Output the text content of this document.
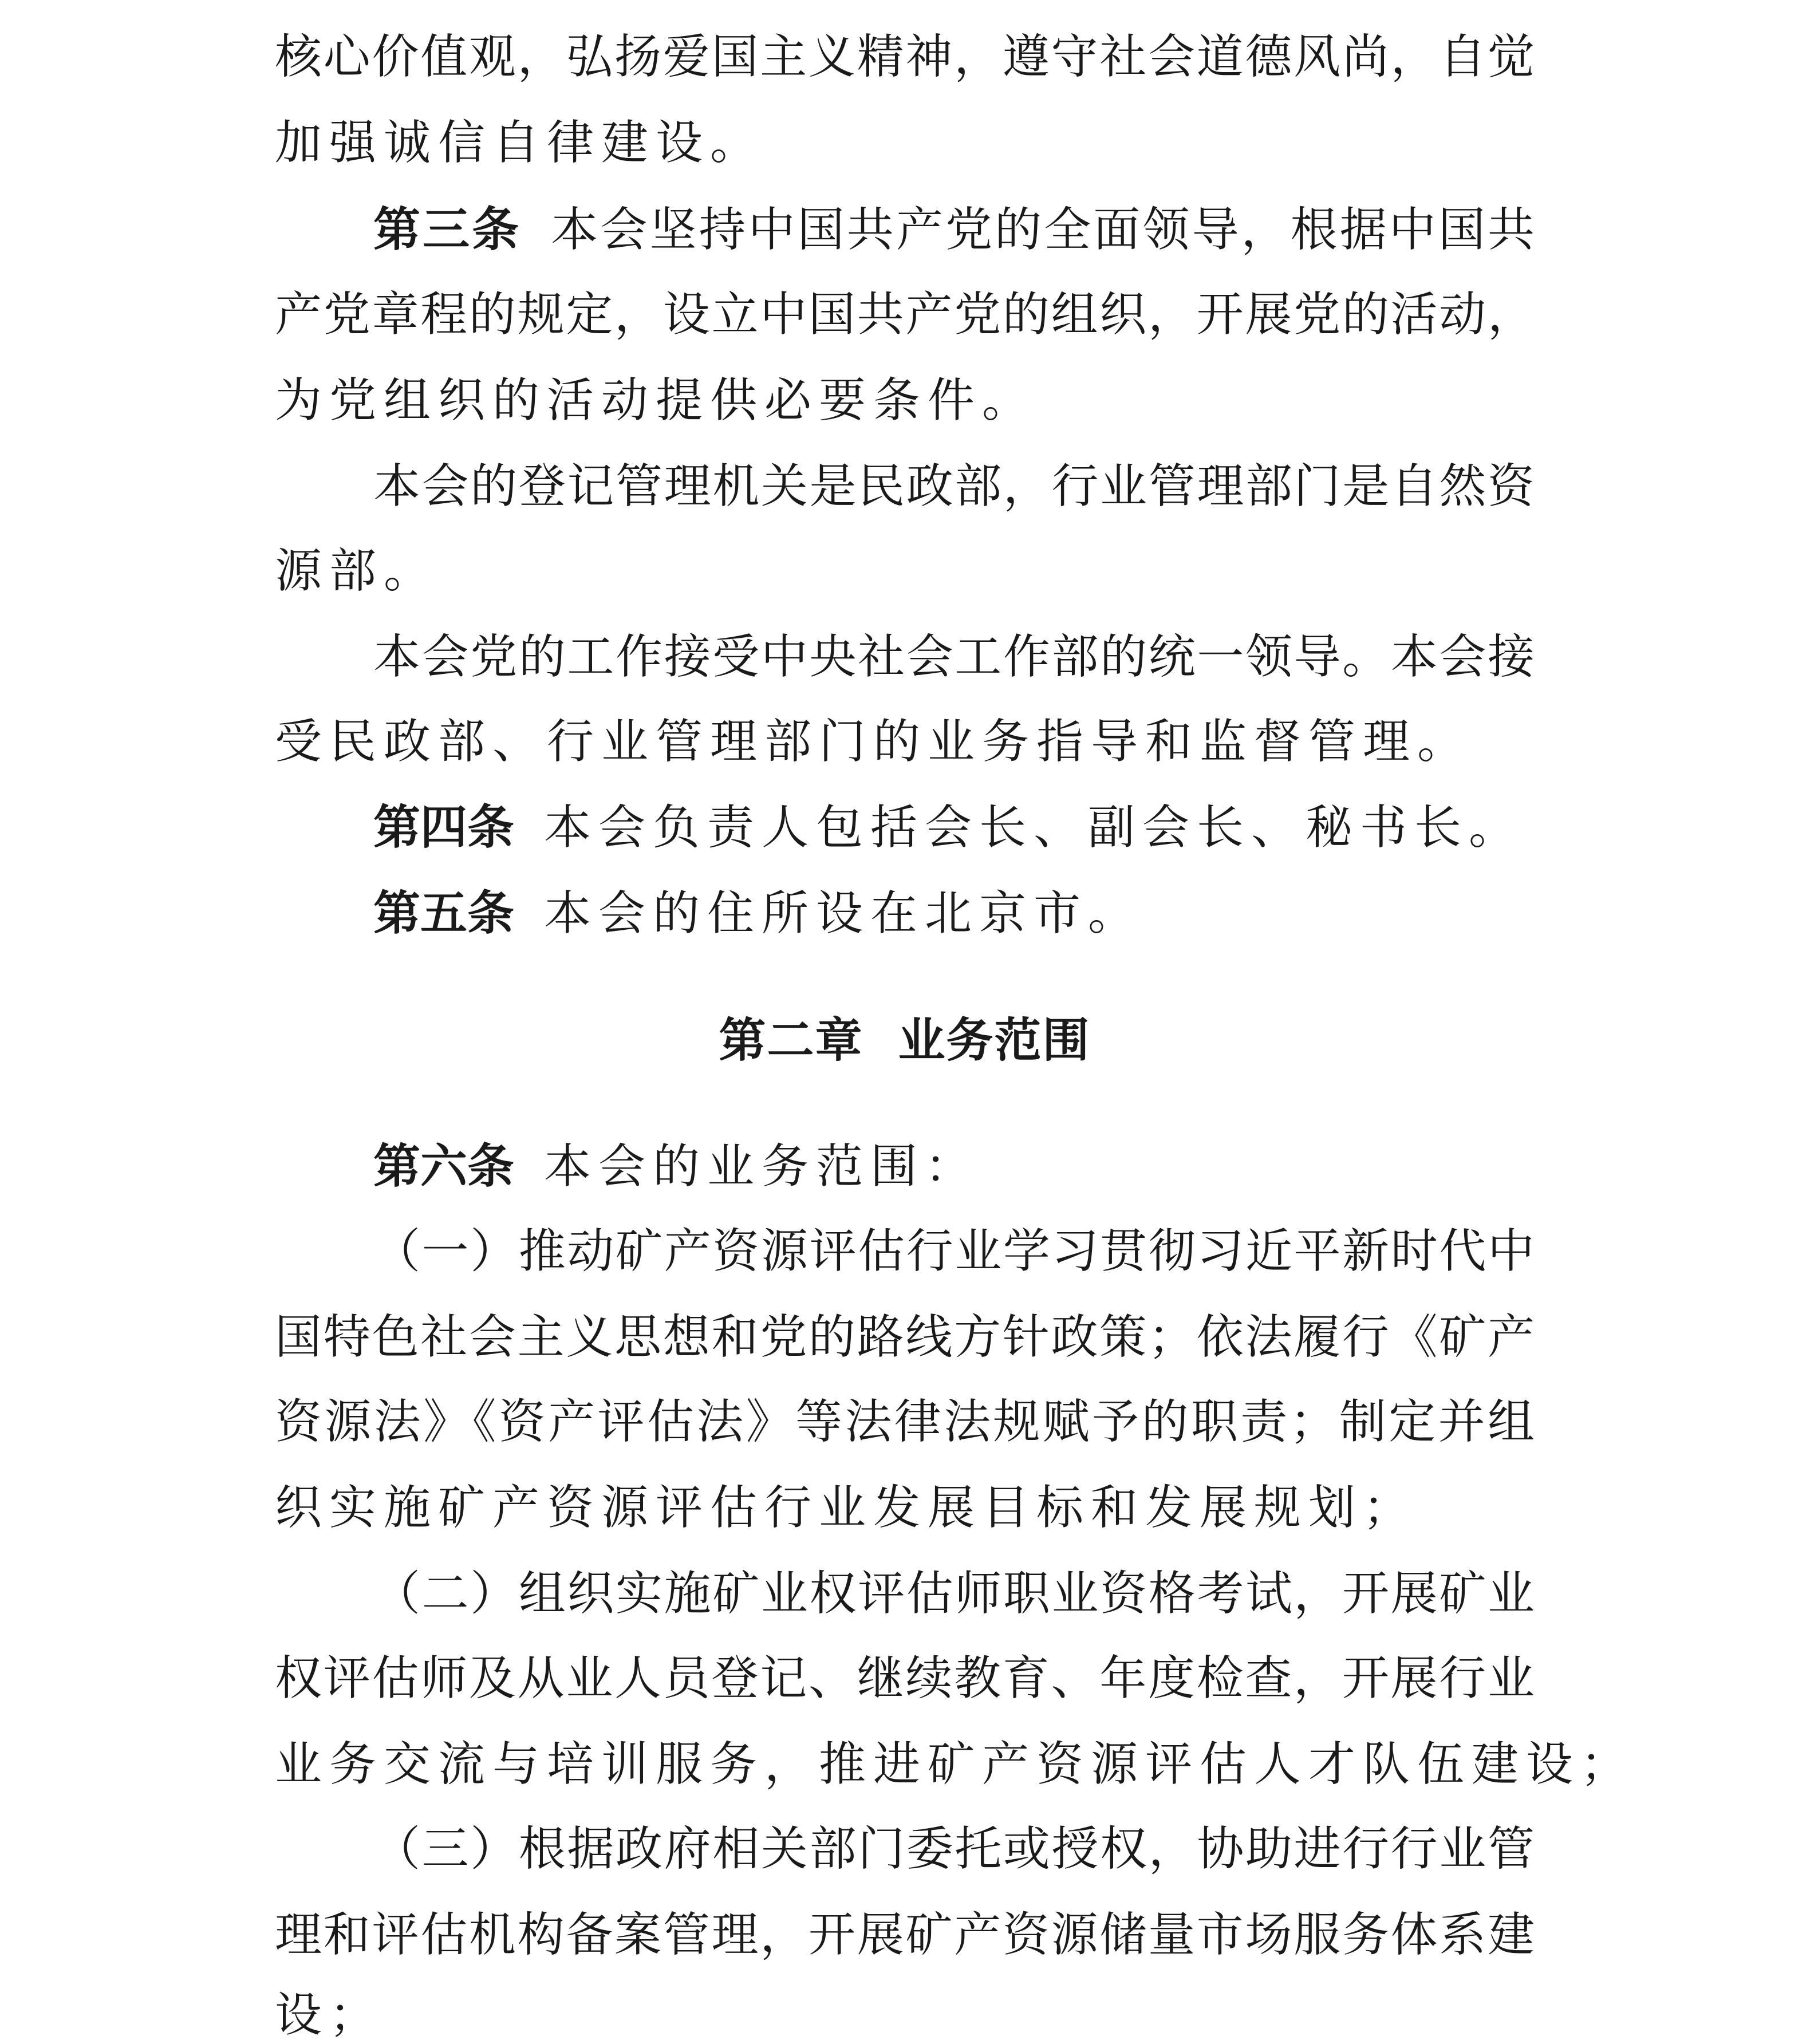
核心价值观，弘扬爱国主义精神，遵守社会道德风尚，自觉
加强诚信自律建设。
第三条 本会坚持中国共产党的全面领导，根据中国共
产党章程的规定，设立中国共产党的组织，开展党的活动，
为党组织的活动提供必要条件。
本会的登记管理机关是民政部，行业管理部门是自然资
源部。
本会党的工作接受中央社会工作部的统一领导。本会接
受民政部、行业管理部门的业务指导和监督管理。
第四条 本会负责人包括会长、副会长、秘书长。
第五条 本会的住所设在北京市。
第二章  业务范围
第六条 本会的业务范围：
（一）推动矿产资源评估行业学习贯彻习近平新时代中
国特色社会主义思想和党的路线方针政策；依法履行《矿产
资源法》《资产评估法》等法律法规赋予的职责；制定并组
织实施矿产资源评估行业发展目标和发展规划；
（二）组织实施矿业权评估师职业资格考试，开展矿业
权评估师及从业人员登记、继续教育、年度检查，开展行业
业务交流与培训服务，推进矿产资源评估人才队伍建设；
（三）根据政府相关部门委托或授权，协助进行行业管
理和评估机构备案管理，开展矿产资源储量市场服务体系建
设；
